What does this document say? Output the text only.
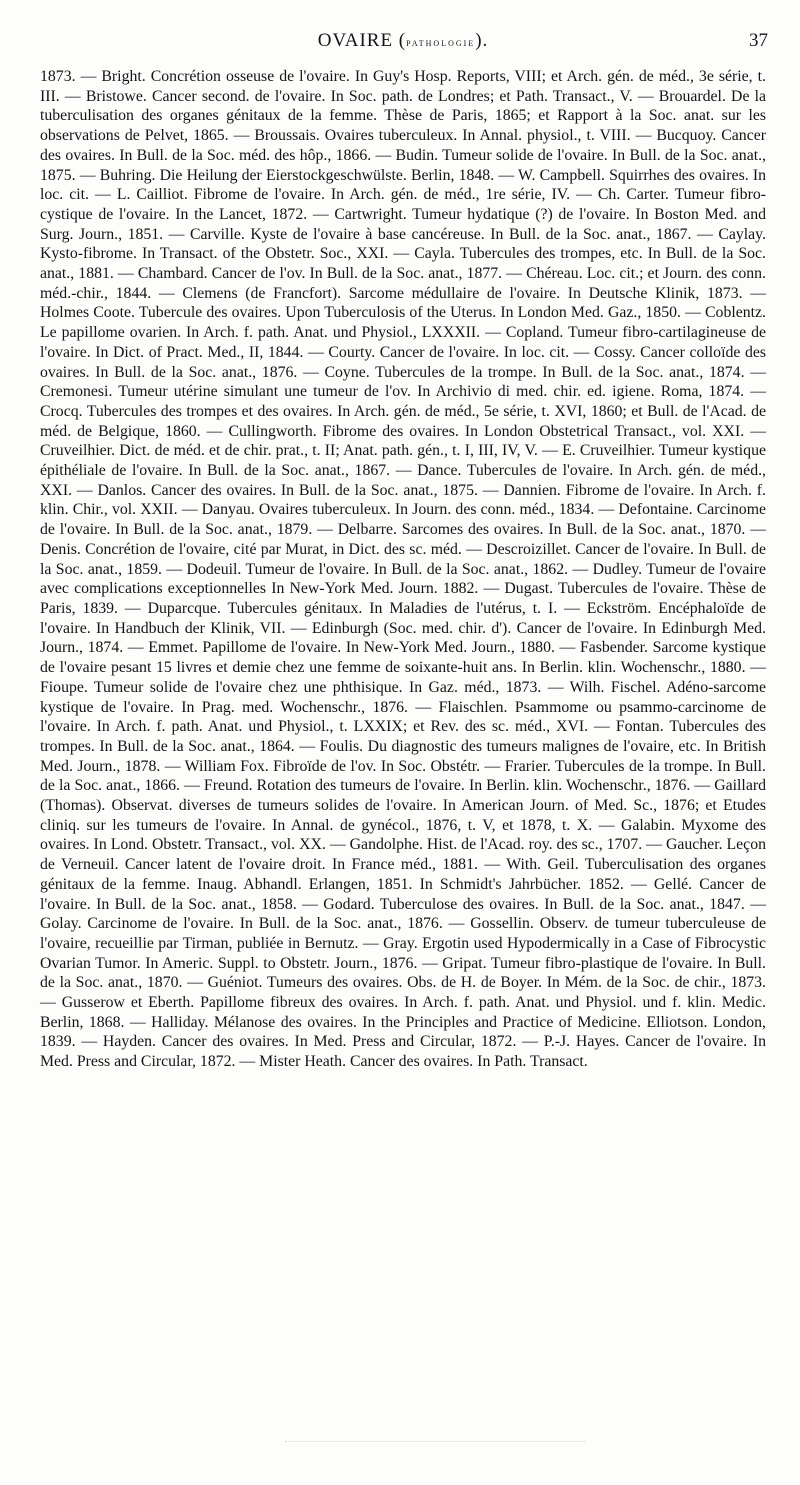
OVAIRE (pathologie).	37

1873. — Bright. Concrétion osseuse de l'ovaire. In Guy's Hosp. Reports, VIII; et Arch. gén. de méd., 3e série, t. III. — Bristowe. Cancer second. de l'ovaire. In Soc. path. de Londres; et Path. Transact., V. — Brouardel. De la tuberculisation des organes génitaux de la femme. Thèse de Paris, 1865; et Rapport à la Soc. anat. sur les observations de Pelvet, 1865. — Broussais. Ovaires tuberculeux. In Annal. physiol., t. VIII. — Bucquoy. Cancer des ovaires. In Bull. de la Soc. méd. des hôp., 1866. — Budin. Tumeur solide de l'ovaire. In Bull. de la Soc. anat., 1875. — Buhring. Die Heilung der Eierstockgeschwülste. Berlin, 1848. — W. Campbell. Squirrhes des ovaires. In loc. cit. — L. Cailliot. Fibrome de l'ovaire. In Arch. gén. de méd., 1re série, IV. — Ch. Carter. Tumeur fibro-cystique de l'ovaire. In the Lancet, 1872. — Cartwright. Tumeur hydatique (?) de l'ovaire. In Boston Med. and Surg. Journ., 1851. — Carville. Kyste de l'ovaire à base cancéreuse. In Bull. de la Soc. anat., 1867. — Caylay. Kysto-fibrome. In Transact. of the Obstetr. Soc., XXI. — Cayla. Tubercules des trompes, etc. In Bull. de la Soc. anat., 1881. — Chambard. Cancer de l'ov. In Bull. de la Soc. anat., 1877. — Chéreau. Loc. cit.; et Journ. des conn. méd.-chir., 1844. — Clemens (de Francfort). Sarcome médullaire de l'ovaire. In Deutsche Klinik, 1873. — Holmes Coote. Tubercule des ovaires. Upon Tuberculosis of the Uterus. In London Med. Gaz., 1850. — Coblentz. Le papillome ovarien. In Arch. f. path. Anat. und Physiol., LXXXII. — Copland. Tumeur fibro-cartilagineuse de l'ovaire. In Dict. of Pract. Med., II, 1844. — Courty. Cancer de l'ovaire. In loc. cit. — Cossy. Cancer colloïde des ovaires. In Bull. de la Soc. anat., 1876. — Coyne. Tubercules de la trompe. In Bull. de la Soc. anat., 1874. — Cremonesi. Tumeur utérine simulant une tumeur de l'ov. In Archivio di med. chir. ed. igiene. Roma, 1874. — Crocq. Tubercules des trompes et des ovaires. In Arch. gén. de méd., 5e série, t. XVI, 1860; et Bull. de l'Acad. de méd. de Belgique, 1860. — Cullingworth. Fibrome des ovaires. In London Obstetrical Transact., vol. XXI. — Cruveilhier. Dict. de méd. et de chir. prat., t. II; Anat. path. gén., t. I, III, IV, V. — E. Cruveilhier. Tumeur kystique épithéliale de l'ovaire. In Bull. de la Soc. anat., 1867. — Dance. Tubercules de l'ovaire. In Arch. gén. de méd., XXI. — Danlos. Cancer des ovaires. In Bull. de la Soc. anat., 1875. — Dannien. Fibrome de l'ovaire. In Arch. f. klin. Chir., vol. XXII. — Danyau. Ovaires tuberculeux. In Journ. des conn. méd., 1834. — Defontaine. Carcinome de l'ovaire. In Bull. de la Soc. anat., 1879. — Delbarre. Sarcomes des ovaires. In Bull. de la Soc. anat., 1870. — Denis. Concrétion de l'ovaire, cité par Murat, in Dict. des sc. méd. — Descroizillet. Cancer de l'ovaire. In Bull. de la Soc. anat., 1859. — Dodeuil. Tumeur de l'ovaire. In Bull. de la Soc. anat., 1862. — Dudley. Tumeur de l'ovaire avec complications exceptionnelles In New-York Med. Journ. 1882. — Dugast. Tubercules de l'ovaire. Thèse de Paris, 1839. — Duparcque. Tubercules génitaux. In Maladies de l'utérus, t. I. — Eckström. Encéphaloïde de l'ovaire. In Handbuch der Klinik, VII. — Edinburgh (Soc. med. chir. d'). Cancer de l'ovaire. In Edinburgh Med. Journ., 1874. — Emmet. Papillome de l'ovaire. In New-York Med. Journ., 1880. — Fasbender. Sarcome kystique de l'ovaire pesant 15 livres et demie chez une femme de soixante-huit ans. In Berlin. klin. Wochenschr., 1880. — Fioupe. Tumeur solide de l'ovaire chez une phthisique. In Gaz. méd., 1873. — Wilh. Fischel. Adéno-sarcome kystique de l'ovaire. In Prag. med. Wochenschr., 1876. — Flaischlen. Psammome ou psammo-carcinome de l'ovaire. In Arch. f. path. Anat. und Physiol., t. LXXIX; et Rev. des sc. méd., XVI. — Fontan. Tubercules des trompes. In Bull. de la Soc. anat., 1864. — Foulis. Du diagnostic des tumeurs malignes de l'ovaire, etc. In British Med. Journ., 1878. — William Fox. Fibroïde de l'ov. In Soc. Obstétr. — Frarier. Tubercules de la trompe. In Bull. de la Soc. anat., 1866. — Freund. Rotation des tumeurs de l'ovaire. In Berlin. klin. Wochenschr., 1876. — Gaillard (Thomas). Observat. diverses de tumeurs solides de l'ovaire. In American Journ. of Med. Sc., 1876; et Etudes cliniq. sur les tumeurs de l'ovaire. In Annal. de gynécol., 1876, t. V, et 1878, t. X. — Galabin. Myxome des ovaires. In Lond. Obstetr. Transact., vol. XX. — Gandolphe. Hist. de l'Acad. roy. des sc., 1707. — Gaucher. Leçon de Verneuil. Cancer latent de l'ovaire droit. In France méd., 1881. — With. Geil. Tuberculisation des organes génitaux de la femme. Inaug. Abhandl. Erlangen, 1851. In Schmidt's Jahrbücher. 1852. — Gellé. Cancer de l'ovaire. In Bull. de la Soc. anat., 1858. — Godard. Tuberculose des ovaires. In Bull. de la Soc. anat., 1847. — Golay. Carcinome de l'ovaire. In Bull. de la Soc. anat., 1876. — Gossellin. Observ. de tumeur tuberculeuse de l'ovaire, recueillie par Tirman, publiée in Bernutz. — Gray. Ergotin used Hypodermically in a Case of Fibrocystic Ovarian Tumor. In Americ. Suppl. to Obstetr. Journ., 1876. — Gripat. Tumeur fibro-plastique de l'ovaire. In Bull. de la Soc. anat., 1870. — Guéniot. Tumeurs des ovaires. Obs. de H. de Boyer. In Mém. de la Soc. de chir., 1873. — Gusserow et Eberth. Papillome fibreux des ovaires. In Arch. f. path. Anat. und Physiol. und f. klin. Medic. Berlin, 1868. — Halliday. Mélanose des ovaires. In the Principles and Practice of Medicine. Elliotson. London, 1839. — Hayden. Cancer des ovaires. In Med. Press and Circular, 1872. — P.-J. Hayes. Cancer de l'ovaire. In Med. Press and Circular, 1872. — Mister Heath. Cancer des ovaires. In Path. Transact.
